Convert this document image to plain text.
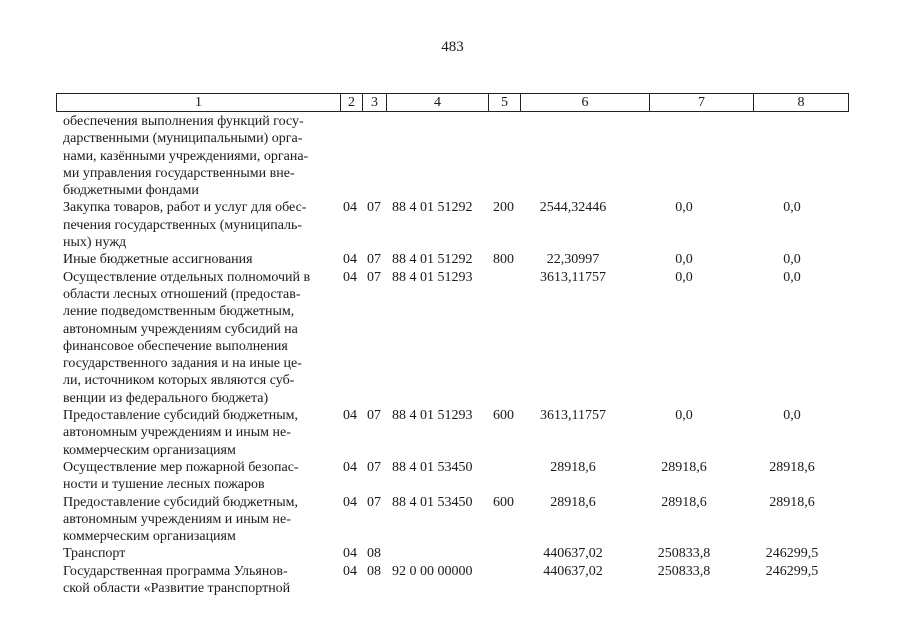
483
1	2	3	4	5	6	7	8
обеспечения выполнения функций госу-
дарственными (муниципальными) орга-
нами, казёнными учреждениями, органа-
ми управления государственными вне-
бюджетными фондами
Закупка товаров, работ и услуг для обес-
печения государственных (муниципаль-
ных) нужд
04 07 88 4 01 51292 200	2544,32446	0,0	0,0
Иные бюджетные ассигнования	04 07 88 4 01 51292 800	22,30997	0,0	0,0
Осуществление отдельных полномочий в
области лесных отношений (предостав-
ление подведомственным бюджетным,
автономным учреждениям субсидий на
финансовое обеспечение выполнения
государственного задания и на иные це-
ли, источником которых являются суб-
венции из федерального бюджета)
04 07 88 4 01 51293	3613,11757	0,0	0,0
Предоставление субсидий бюджетным,
автономным учреждениям и иным не-
коммерческим организациям
04 07 88 4 01 51293 600	3613,11757	0,0	0,0
Осуществление мер пожарной безопас-
ности и тушение лесных пожаров
04 07 88 4 01 53450	28918,6	28918,6	28918,6
Предоставление субсидий бюджетным,
автономным учреждениям и иным не-
коммерческим организациям
04 07 88 4 01 53450 600	28918,6	28918,6	28918,6
Транспорт	04 08	440637,02	250833,8	246299,5
Государственная программа Ульянов-
ской области «Развитие транспортной
04 08 92 0 00 00000	440637,02	250833,8	246299,5
